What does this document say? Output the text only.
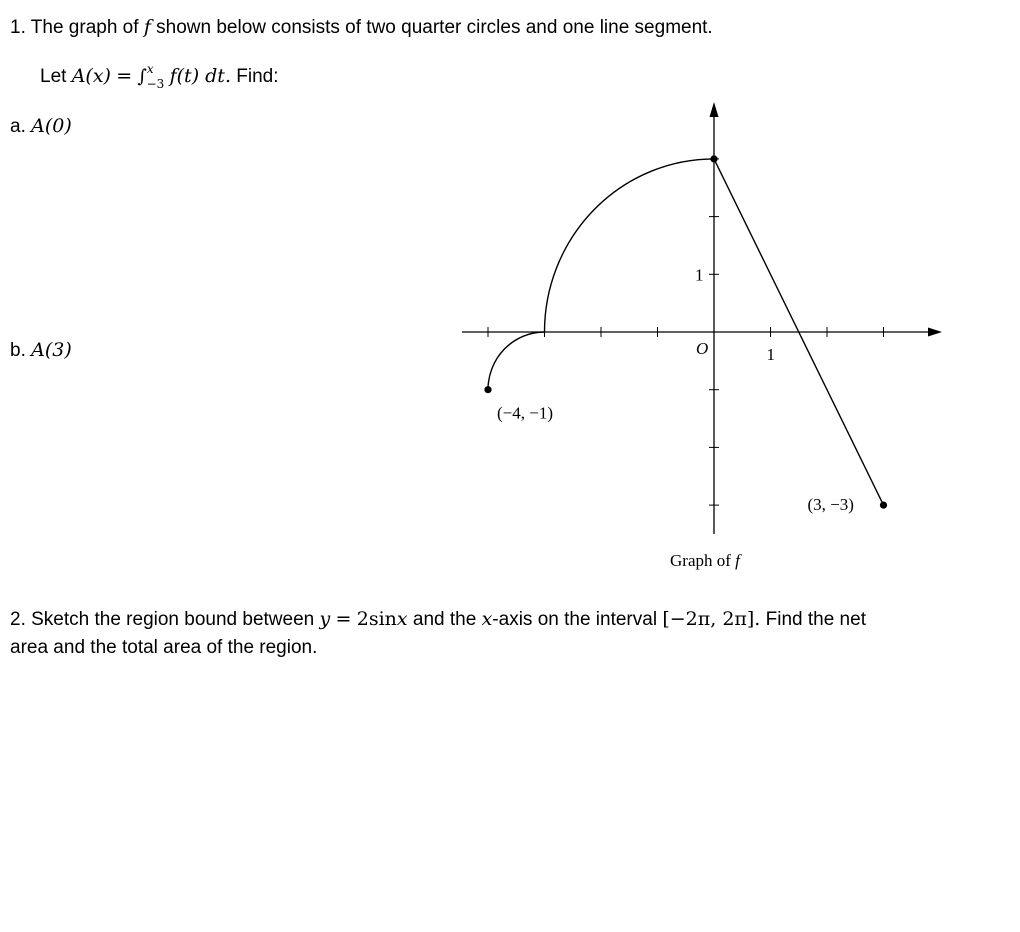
1. The graph of f shown below consists of two quarter circles and one line segment.
Let A(x) = ∫$^x_{-3}$ f(t) dt. Find:
a. A(0)
b. A(3)	O	1
1
(−4, −1)
(3, −3)
Graph of f
2. Sketch the region bound between y = 2sinx and the x-axis on the interval [−2π, 2π]. Find the net
area and the total area of the region.
